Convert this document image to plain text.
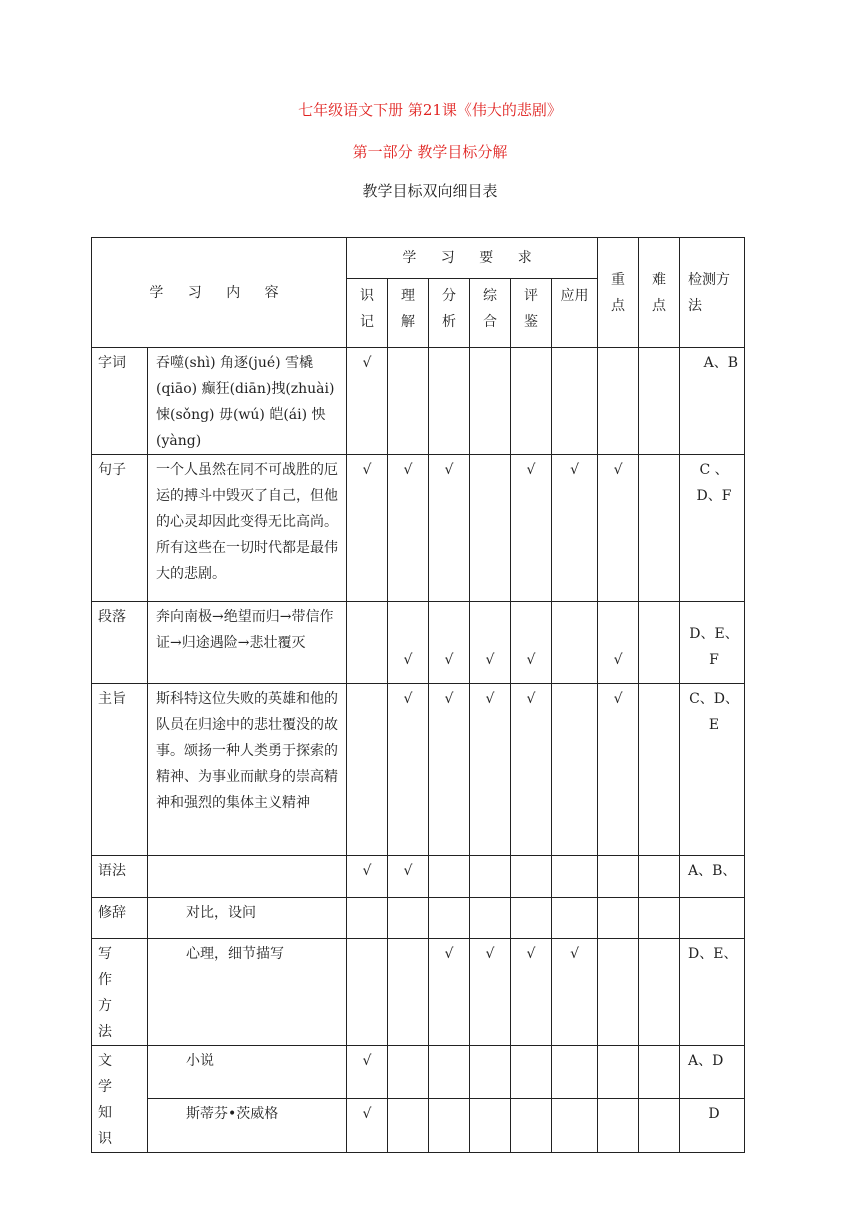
七年级语文下册 第21课《伟大的悲剧》
第一部分 教学目标分解
教学目标双向细目表
学 习 内 容		学 习 要 求						重点	难点	检测方法

		识记	理解	分析	综合	评鉴	应用			

字词	吞噬(shì) 角逐(jué) 雪橇(qiāo) 癫狂(diān)拽(zhuài) 悚(sǒng) 毋(wú) 皑(ái) 怏(yàng)	√								A、B

句子	一个人虽然在同不可战胜的厄运的搏斗中毁灭了自己，但他的心灵却因此变得无比高尚。所有这些在一切时代都是最伟大的悲剧。	√	√	√		√	√	√		C 、D、F
段落	奔向南极→绝望而归→带信作证→归途遇险→悲壮覆灭		√	√	√	√		√		D、E、F
主旨	斯科特这位失败的英雄和他的队员在归途中的悲壮覆没的故事。颂扬一种人类勇于探索的精神、为事业而献身的崇高精神和强烈的集体主义精神		√	√	√	√		√		C、D、E
语法		√	√							A、B、
修辞	对比，设问									

写作方法	心理，细节描写			√	√	√	√			D、E、

文学知识	小说	√								A、D
	斯蒂芬•茨威格	√								D
